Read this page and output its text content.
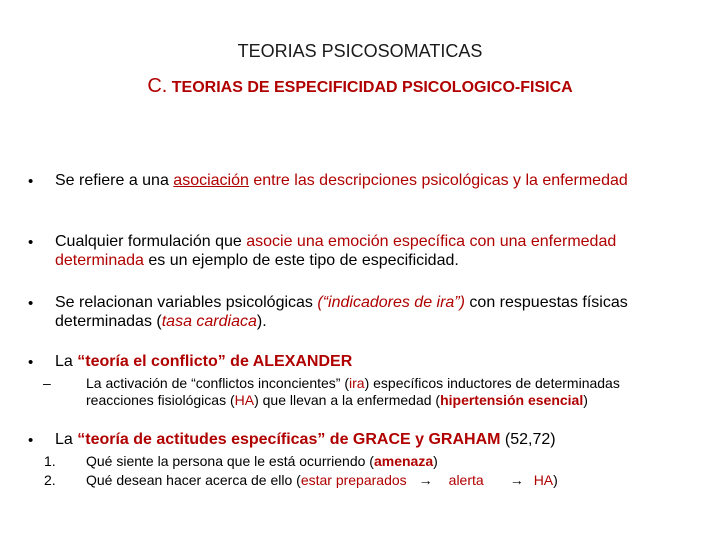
TEORIAS PSICOSOMATICAS
C. TEORIAS DE ESPECIFICIDAD PSICOLOGICO-FISICA
• Se refiere a una asociación entre las descripciones psicológicas y la enfermedad
• Cualquier formulación que asocie una emoción específica con una enfermedad determinada es un ejemplo de este tipo de especificidad.
• Se relacionan variables psicológicas (“indicadores de ira”) con respuestas físicas determinadas (tasa cardiaca).
• La “teoría el conflicto” de ALEXANDER
–	La activación de “conflictos inconcientes” (ira) específicos inductores de determinadas reacciones fisiológicas (HA) que llevan a la enfermedad (hipertensión esencial)
• La “teoría de actitudes específicas” de GRACE y GRAHAM (52,72)
1. Qué siente la persona que le está ocurriendo (amenaza)
2. Qué desean hacer acerca de ello (estar preparados → alerta → HA)
